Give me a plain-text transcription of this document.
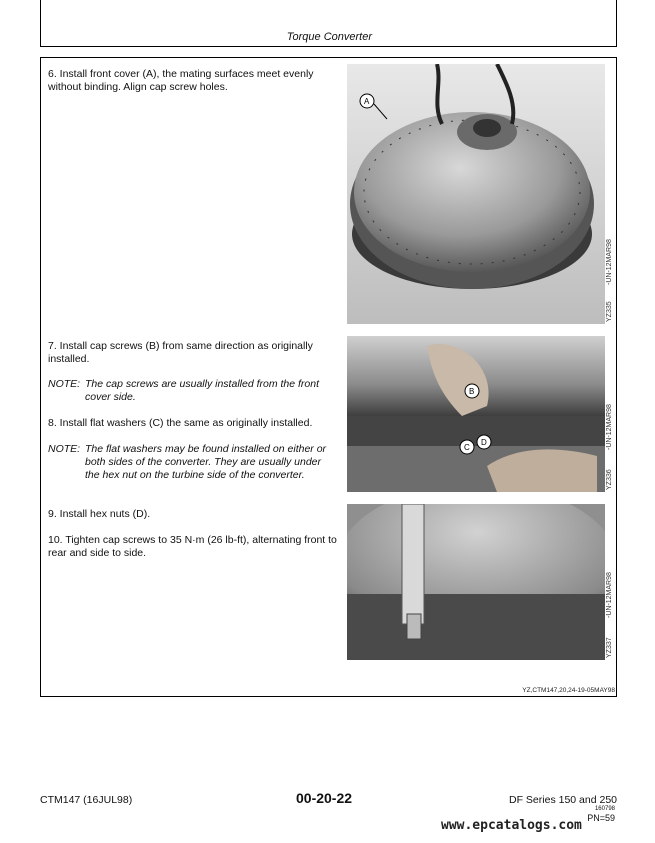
Torque Converter
6. Install front cover (A), the mating surfaces meet evenly without binding. Align cap screw holes.
7. Install cap screws (B) from same direction as originally installed.
NOTE: The cap screws are usually installed from the front cover side.
8. Install flat washers (C) the same as originally installed.
NOTE: The flat washers may be found installed on either or both sides of the converter. They are usually under the hex nut on the turbine side of the converter.
9. Install hex nuts (D).
10. Tighten cap screws to 35 N·m (26 lb-ft), alternating front to rear and side to side.
A
YZ335
-UN-12MAR98
B
C
D
YZ336
-UN-12MAR98
YZ337
-UN-12MAR98
YZ,CTM147,20,24-19-05MAY98
CTM147 (16JUL98)	00-20-22	DF Series 150 and 250
160798
PN=59
www.epcatalogs.com
